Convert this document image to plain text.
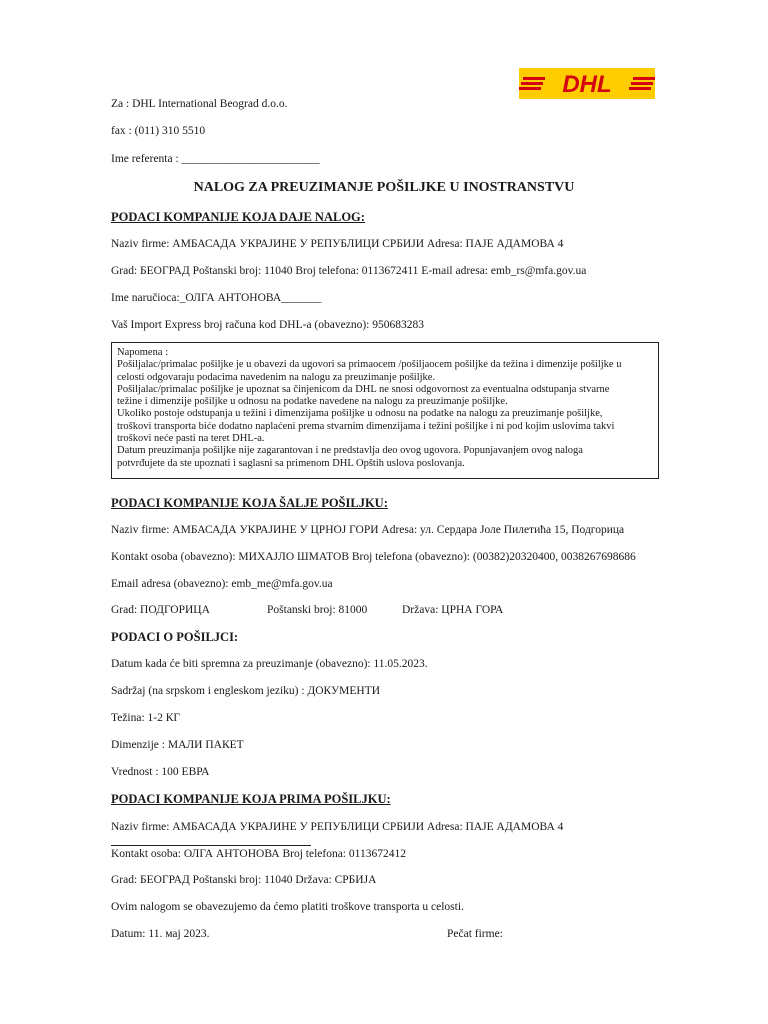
DHL
Za : DHL International Beograd d.o.o.
fax : (011) 310 5510
Ime referenta : ________________________
NALOG ZA PREUZIMANJE POŠILJKE U INOSTRANSTVU
PODACI KOMPANIJE KOJA DAJE NALOG:
Naziv firme: АМБАСАДА УКРАЈИНЕ У РЕПУБЛИЦИ СРБИЈИ Adresa: ПАЈЕ АДАМОВА 4
Grad: БЕОГРАД Poštanski broj: 11040 Broj telefona: 0113672411 E-mail adresa: emb_rs@mfa.gov.ua
Ime naručioca:_ОЛГА АНТОНОВА_______
Vaš Import Express broj računa kod DHL-a (obavezno): 950683283
Napomena :
Pošiljalac/primalac pošiljke je u obavezi da ugovori sa primaocem /pošiljaocem pošiljke da težina i dimenzije pošiljke u
celosti odgovaraju podacima navedenim na nalogu za preuzimanje pošiljke.
Pošiljalac/primalac pošiljke je upoznat sa činjenicom da DHL ne snosi odgovornost za eventualna odstupanja stvarne
težine i dimenzije pošiljke u odnosu na podatke navedene na nalogu za preuzimanje pošiljke.
Ukoliko postoje odstupanja u težini i dimenzijama pošiljke u odnosu na podatke na nalogu za preuzimanje pošiljke,
troškovi transporta biće dodatno naplaćeni prema stvarnim dimenzijama i težini pošiljke i ni pod kojim uslovima takvi
troškovi neće pasti na teret DHL-a.
Datum preuzimanja pošiljke nije zagarantovan i ne predstavlja deo ovog ugovora. Popunjavanjem ovog naloga
potvrđujete da ste upoznati i saglasni sa primenom DHL Opštih uslova poslovanja.
PODACI KOMPANIJE KOJA ŠALJE POŠILJKU:
Naziv firme: АМБАСАДА УКРАЈИНЕ У ЦРНОЈ ГОРИ Adresa: ул. Сердара Јоле Пилетића 15, Подгорица
Kontakt osoba (obavezno): МИХАЈЛО ШМАТОВ Broj telefona (obavezno): (00382)20320400, 0038267698686
Email adresa (obavezno): emb_me@mfa.gov.ua
Grad: ПОДГОРИЦА	Poštanski broj: 81000	Država: ЦРНА ГОРА
PODACI O POŠILJCI:
Datum kada će biti spremna za preuzimanje (obavezno): 11.05.2023.
Sadržaj (na srpskom i engleskom jeziku) : ДОКУМЕНТИ
Težina: 1-2 КГ
Dimenzije : МАЛИ ПАКЕТ
Vrednost : 100 ЕВРА
PODACI KOMPANIJE KOJA PRIMA POŠILJKU:
Naziv firme: АМБАСАДА УКРАЈИНЕ У РЕПУБЛИЦИ СРБИЈИ Adresa: ПАЈЕ АДАМОВА 4
Kontakt osoba: ОЛГА АНТОНОВА Broj telefona: 0113672412
Grad: БЕОГРАД Poštanski broj: 11040 Država: СРБИЈА
Ovim nalogom se obavezujemo da ćemo platiti troškove transporta u celosti.
Datum: 11. мај 2023.	Pečat firme:
